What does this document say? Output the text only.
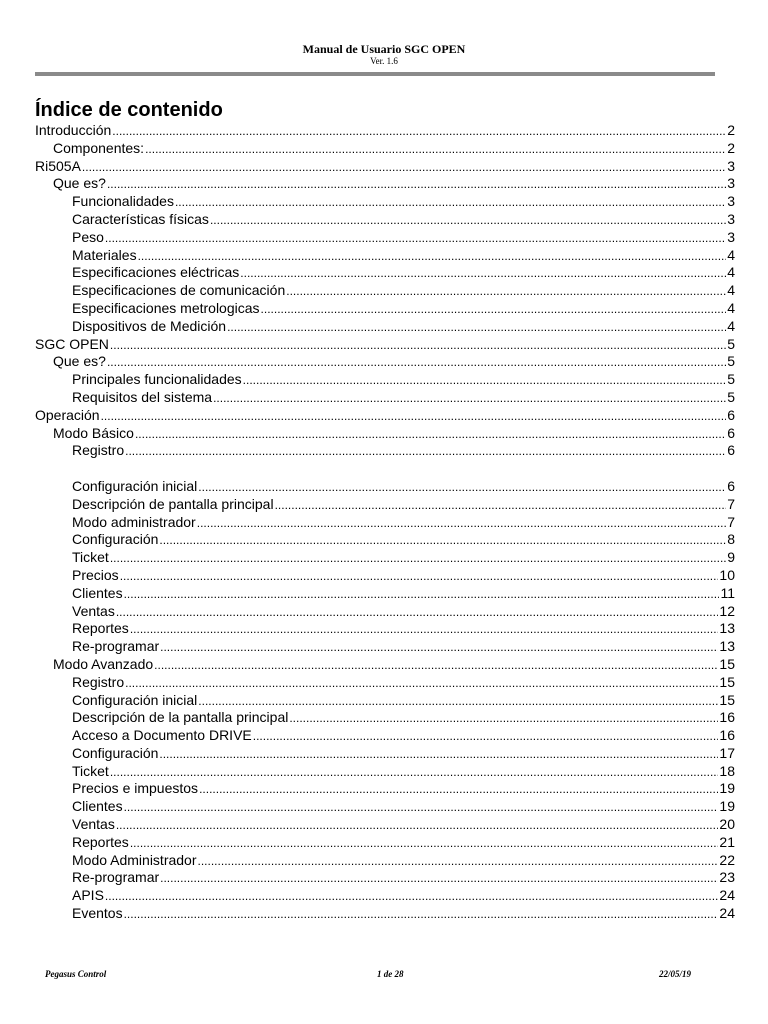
Manual de Usuario SGC OPEN
Ver. 1.6
Índice de contenido
Introducción .....	2
Componentes: .....	2
Ri505A .....	3
Que es? .....	3
Funcionalidades .....	3
Características físicas .....	3
Peso .....	3
Materiales .....	4
Especificaciones eléctricas .....	4
Especificaciones de comunicación .....	4
Especificaciones metrologicas .....	4
Dispositivos de Medición .....	4
SGC OPEN .....	5
Que es? .....	5
Principales funcionalidades .....	5
Requisitos del sistema .....	5
Operación .....	6
Modo Básico .....	6
Registro .....	6
Configuración inicial .....	6
Descripción de pantalla principal .....	7
Modo administrador .....	7
Configuración .....	8
Ticket .....	9
Precios .....	10
Clientes .....	11
Ventas .....	12
Reportes .....	13
Re-programar .....	13
Modo Avanzado .....	15
Registro .....	15
Configuración inicial .....	15
Descripción de la pantalla principal .....	16
Acceso a Documento DRIVE .....	16
Configuración .....	17
Ticket .....	18
Precios e impuestos .....	19
Clientes .....	19
Ventas .....	20
Reportes .....	21
Modo Administrador .....	22
Re-programar .....	23
APIS .....	24
Eventos .....	24
Pegasus Control	1 de 28	22/05/19
